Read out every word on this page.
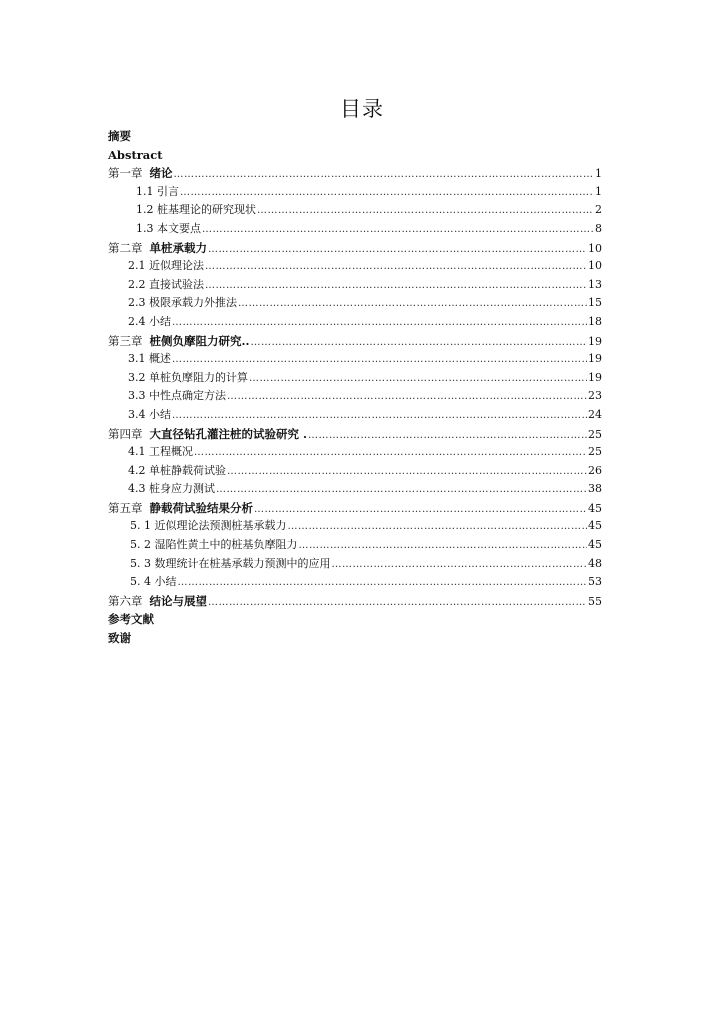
目录
摘要
Abstract
第一章 绪论 ……………………………………………………………………………………………………………………………………………………………………………………………………	1
1.1 引言 ……………………………………………………………………………………………………………………………………………………………………………………………………	1
1.2 桩基理论的研究现状 ……………………………………………………………………………………………………………………………………………………………………………………………………	2
1.3 本文要点 ……………………………………………………………………………………………………………………………………………………………………………………………………	8
第二章 单桩承载力 ……………………………………………………………………………………………………………………………………………………………………………………………………	10
2.1 近似理论法 ……………………………………………………………………………………………………………………………………………………………………………………………………	10
2.2 直接试验法 ……………………………………………………………………………………………………………………………………………………………………………………………………	13
2.3 极限承载力外推法 ……………………………………………………………………………………………………………………………………………………………………………………………………	15
2.4 小结 ……………………………………………………………………………………………………………………………………………………………………………………………………	18
第三章 桩侧负摩阻力研究.. ……………………………………………………………………………………………………………………………………………………………………………………………………	19
3.1 概述 ……………………………………………………………………………………………………………………………………………………………………………………………………	19
3.2 单桩负摩阻力的计算 ……………………………………………………………………………………………………………………………………………………………………………………………………	19
3.3 中性点确定方法 ……………………………………………………………………………………………………………………………………………………………………………………………………	23
3.4 小结 ……………………………………………………………………………………………………………………………………………………………………………………………………	24
第四章 大直径钻孔灌注桩的试验研究 . ……………………………………………………………………………………………………………………………………………………………………………………………………	25
4.1 工程概况 ……………………………………………………………………………………………………………………………………………………………………………………………………	25
4.2 单桩静载荷试验 ……………………………………………………………………………………………………………………………………………………………………………………………………	26
4.3 桩身应力测试 ……………………………………………………………………………………………………………………………………………………………………………………………………	38
第五章 静载荷试验结果分析 ……………………………………………………………………………………………………………………………………………………………………………………………………	45
5. 1 近似理论法预测桩基承载力 ……………………………………………………………………………………………………………………………………………………………………………………………………	45
5. 2 湿陷性黄土中的桩基负摩阻力 ……………………………………………………………………………………………………………………………………………………………………………………………………	45
5. 3 数理统计在桩基承载力预测中的应用 ……………………………………………………………………………………………………………………………………………………………………………………………………	48
5. 4 小结 ……………………………………………………………………………………………………………………………………………………………………………………………………	53
第六章 结论与展望 ……………………………………………………………………………………………………………………………………………………………………………………………………	55
参考文献
致谢
